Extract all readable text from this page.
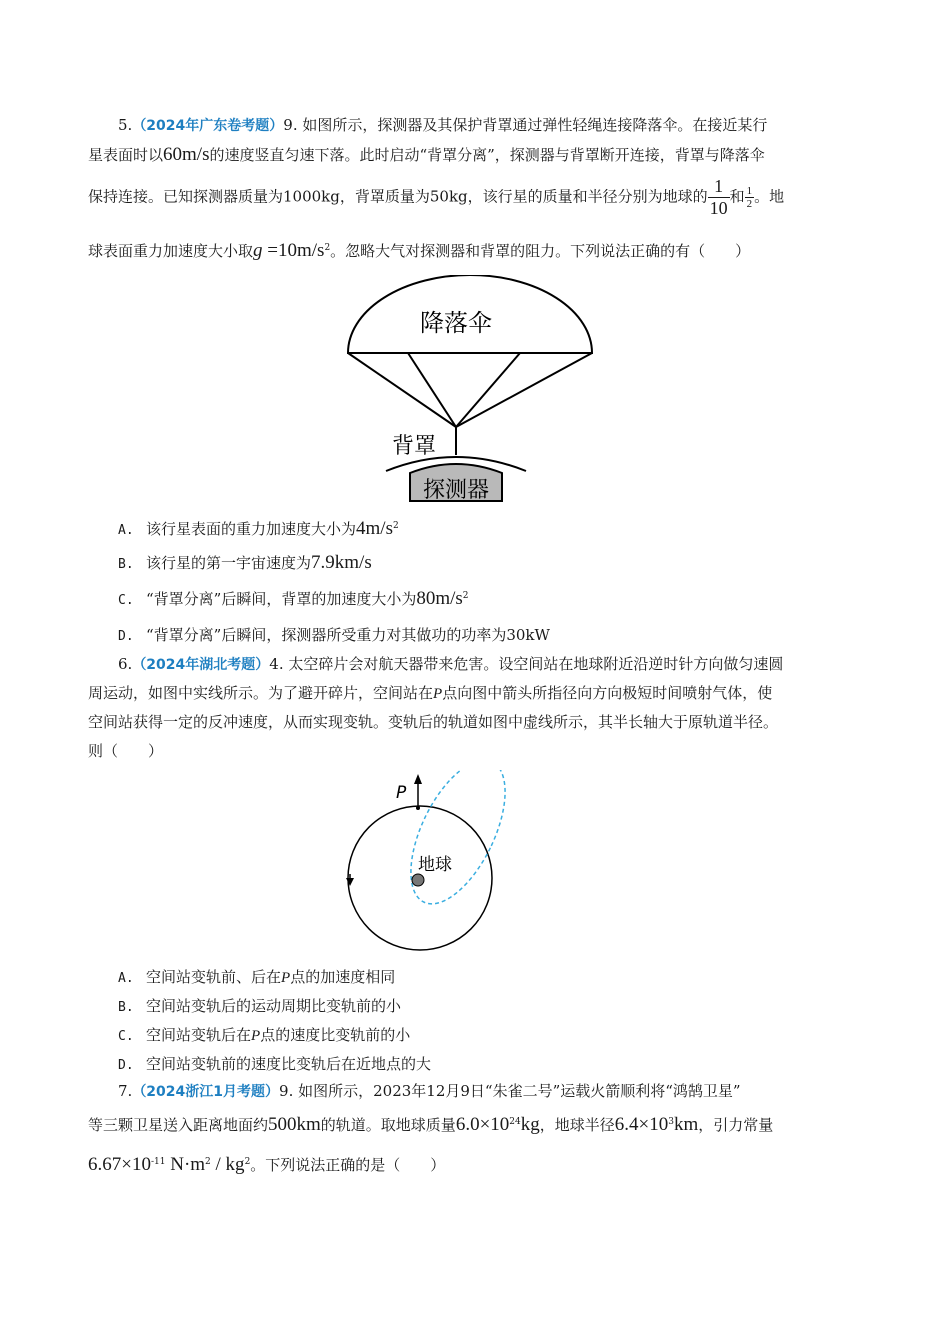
5.（2024年广东卷考题）9. 如图所示，探测器及其保护背罩通过弹性轻绳连接降落伞。在接近某行
星表面时以60m/s的速度竖直匀速下落。此时启动“背罩分离”，探测器与背罩断开连接，背罩与降落伞
保持连接。已知探测器质量为1000kg，背罩质量为50kg，该行星的质量和半径分别为地球的 $\frac{1}{10}$ 和 $\frac{1}{2}$ 。地
球表面重力加速度大小取$g =10m/s^2$。忽略大气对探测器和背罩的阻力。下列说法正确的有（　　）
降落伞
背罩
探测器
A. 该行星表面的重力加速度大小为$4m/s^2$
B. 该行星的第一宇宙速度为7.9km/s
C. “背罩分离”后瞬间，背罩的加速度大小为$80m/s^2$
D. “背罩分离”后瞬间，探测器所受重力对其做功的功率为30kW
6.（2024年湖北考题）4. 太空碎片会对航天器带来危害。设空间站在地球附近沿逆时针方向做匀速圆
周运动，如图中实线所示。为了避开碎片，空间站在P点向图中箭头所指径向方向极短时间喷射气体，使
空间站获得一定的反冲速度，从而实现变轨。变轨后的轨道如图中虚线所示，其半长轴大于原轨道半径。
则（　　）
P
地球
A. 空间站变轨前、后在P点的加速度相同
B. 空间站变轨后的运动周期比变轨前的小
C. 空间站变轨后在P点的速度比变轨前的小
D. 空间站变轨前的速度比变轨后在近地点的大
7.（2024浙江1月考题）9. 如图所示，2023年12月9日“朱雀二号”运载火箭顺利将“鸿鹄卫星”
等三颗卫星送入距离地面约500km的轨道。取地球质量$6.0\times 10^{24}kg$，地球半径$6.4\times 10^3km$，引力常量
$6.67\times 10^{-11}$ $N\cdot m^2 / kg^2$。下列说法正确的是（　　）
